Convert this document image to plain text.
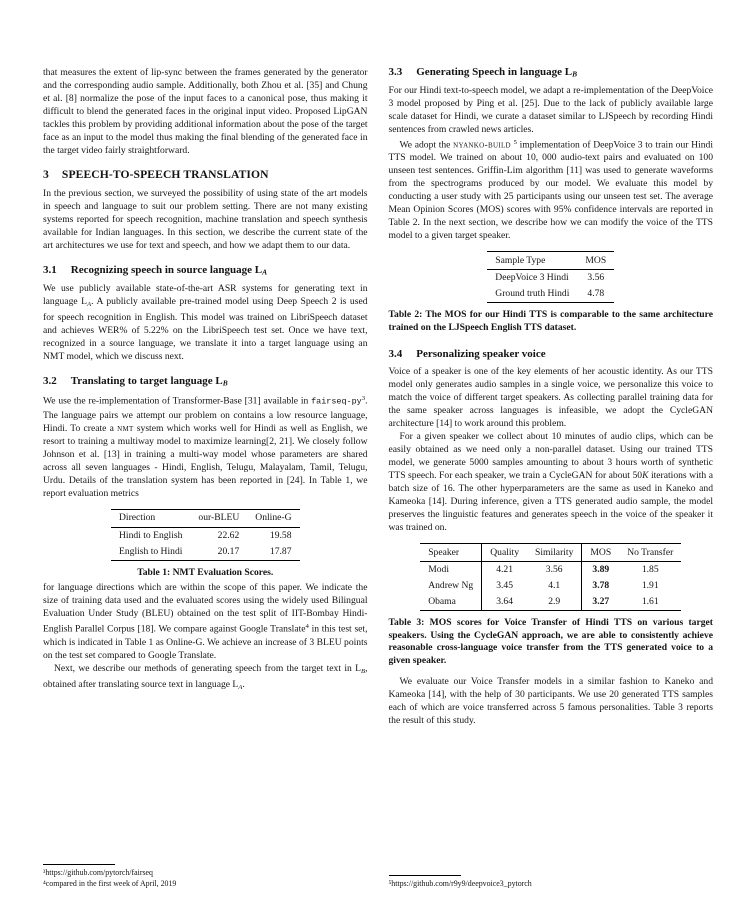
that measures the extent of lip-sync between the frames generated by the generator and the corresponding audio sample. Additionally, both Zhou et al. [35] and Chung et al. [8] normalize the pose of the input faces to a canonical pose, thus making it difficult to blend the generated faces in the original input video. Proposed LipGAN tackles this problem by providing additional information about the pose of the target face as an input to the model thus making the final blending of the generated face in the target video fairly straightforward.

3 SPEECH-TO-SPEECH TRANSLATION

In the previous section, we surveyed the possibility of using state of the art models in speech and language to suit our problem setting. There are not many existing systems reported for speech recognition, machine translation and speech synthesis available for Indian languages. In this section, we describe the current state of the art architectures we use for text and speech, and how we adapt them to our data.

3.1 Recognizing speech in source language LA

We use publicly available state-of-the-art ASR systems for generating text in language $L_A$. A publicly available pre-trained model using Deep Speech 2 is used for speech recognition in English. This model was trained on LibriSpeech dataset and achieves WER% of 5.22% on the LibriSpeech test set. Once we have text, recognized in a source language, we translate it into a target language using an NMT model, which we discuss next.

3.2 Translating to target language LB

We use the re-implementation of Transformer-Base [31] available in fairseq-$py^3$. The language pairs we attempt our problem on contains a low resource language, Hindi. To create a nmt system which works well for Hindi as well as English, we resort to training a multiway model to maximize learning[2, 21]. We closely follow Johnson et al. [13] in training a multi-way model whose parameters are shared across all seven languages - Hindi, English, Telugu, Malayalam, Tamil, Telugu, Urdu. Details of the translation system has been reported in [24]. In Table 1, we report evaluation metrics

Direction	our-BLEU	Online-G
Hindi to English	22.62	19.58
English to Hindi	20.17	17.87
Table 1: NMT Evaluation Scores.

for language directions which are within the scope of this paper. We indicate the size of training data used and the evaluated scores using the widely used Bilingual Evaluation Under Study (BLEU) obtained on the test split of IIT-Bombay Hindi-English Parallel Corpus [18]. We compare against Google Translate$^4$ in this test set, which is indicated in Table 1 as Online-G. We achieve an increase of 3 BLEU points on the test set compared to Google Translate.

Next, we describe our methods of generating speech from the target text in $L_B$, obtained after translating source text in language $L_A$.

³https://github.com/pytorch/fairseq
⁴compared in the first week of April, 2019
3.3 Generating Speech in language LB

For our Hindi text-to-speech model, we adapt a re-implementation of the DeepVoice 3 model proposed by Ping et al. [25]. Due to the lack of publicly available large scale dataset for Hindi, we curate a dataset similar to LJSpeech by recording Hindi sentences from crawled news articles.

We adopt the nyanko-build $^5$ implementation of DeepVoice 3 to train our Hindi TTS model. We trained on about 10, 000 audio-text pairs and evaluated on 100 unseen test sentences. Griffin-Lim algorithm [11] was used to generate waveforms from the spectrograms produced by our model. We evaluate this model by conducting a user study with 25 participants using our unseen test set. The average Mean Opinion Scores (MOS) scores with 95% confidence intervals are reported in Table 2. In the next section, we describe how we can modify the voice of the TTS model to a given target speaker.

Sample Type	MOS
DeepVoice 3 Hindi	3.56
Ground truth Hindi	4.78
Table 2: The MOS for our Hindi TTS is comparable to the same architecture trained on the LJSpeech English TTS dataset.
3.4 Personalizing speaker voice

Voice of a speaker is one of the key elements of her acoustic identity. As our TTS model only generates audio samples in a single voice, we personalize this voice to match the voice of different target speakers. As collecting parallel training data for the same speaker across languages is infeasible, we adopt the CycleGAN architecture [14] to work around this problem.

For a given speaker we collect about 10 minutes of audio clips, which can be easily obtained as we need only a non-parallel dataset. Using our trained TTS model, we generate 5000 samples amounting to about 3 hours worth of synthetic TTS speech. For each speaker, we train a CycleGAN for about 50K iterations with a batch size of 16. The other hyperparameters are the same as used in Kaneko and Kameoka [14]. During inference, given a TTS generated audio sample, the model preserves the linguistic features and generates speech in the voice of the speaker it was trained on.

Speaker	Quality	Similarity	MOS	No Transfer
Modi	4.21	3.56	3.89	1.85
Andrew Ng	3.45	4.1	3.78	1.91
Obama	3.64	2.9	3.27	1.61
Table 3: MOS scores for Voice Transfer of Hindi TTS on various target speakers. Using the CycleGAN approach, we are able to consistently achieve reasonable cross-language voice transfer from the TTS generated voice to a given speaker.

We evaluate our Voice Transfer models in a similar fashion to Kaneko and Kameoka [14], with the help of 30 participants. We use 20 generated TTS samples each of which are voice transferred across 5 famous personalities. Table 3 reports the result of this study.

⁵https://github.com/r9y9/deepvoice3_pytorch
